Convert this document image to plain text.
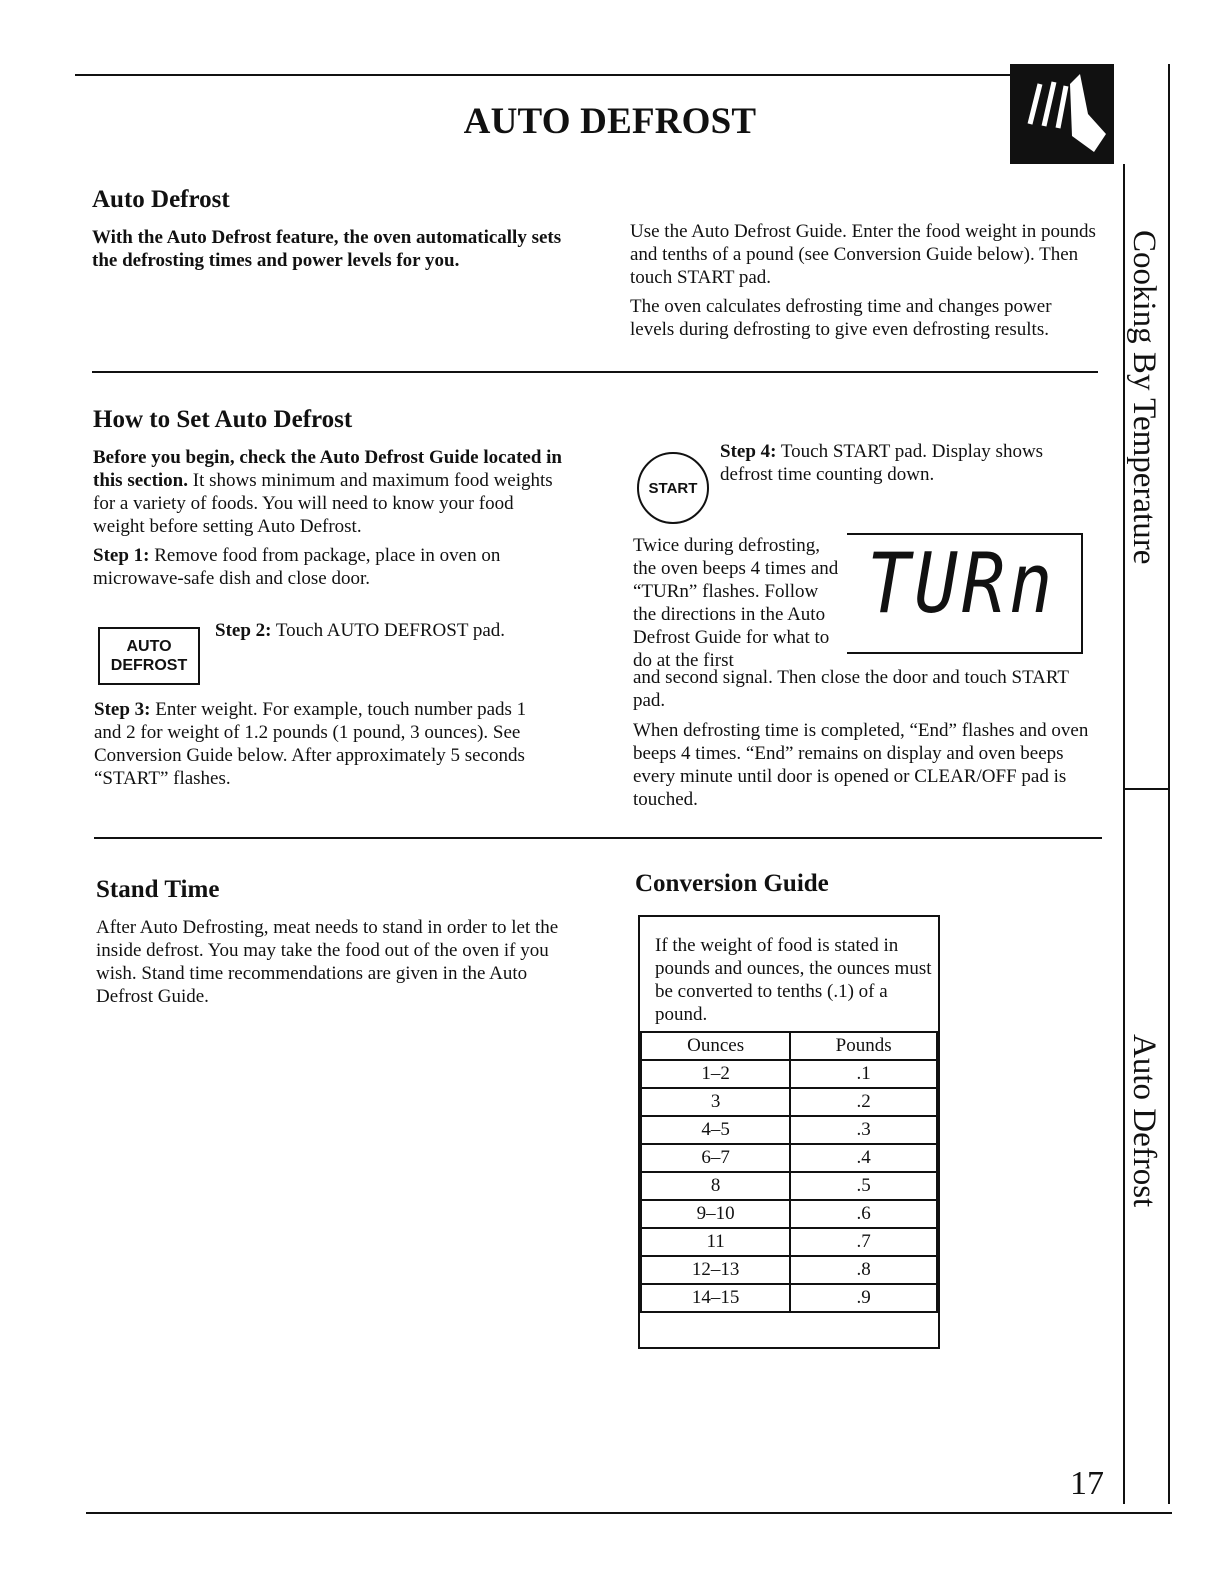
Cooking By Temperature
Auto Defrost
AUTO DEFROST
Auto Defrost

With the Auto Defrost feature, the oven automatically sets the defrosting times and power levels for you.

Use the Auto Defrost Guide. Enter the food weight in pounds and tenths of a pound (see Conversion Guide below). Then touch START pad.

The oven calculates defrosting time and changes power levels during defrosting to give even defrosting results.

How to Set Auto Defrost

Before you begin, check the Auto Defrost Guide located in this section. It shows minimum and maximum food weights for a variety of foods. You will need to know your food weight before setting Auto Defrost.

Step 1: Remove food from package, place in oven on microwave-safe dish and close door.

AUTO
DEFROST

Step 2: Touch AUTO DEFROST pad.

Step 3: Enter weight. For example, touch number pads 1 and 2 for weight of 1.2 pounds (1 pound, 3 ounces). See Conversion Guide below. After approximately 5 seconds “START” flashes.

START

Step 4: Touch START pad. Display shows defrost time counting down.

Twice during defrosting, the oven beeps 4 times and “TURn” flashes. Follow the directions in the Auto Defrost Guide for what to do at the first

TURn

and second signal. Then close the door and touch START pad.

When defrosting time is completed, “End” flashes and oven beeps 4 times. “End” remains on display and oven beeps every minute until door is opened or CLEAR/OFF pad is touched.

Stand Time

After Auto Defrosting, meat needs to stand in order to let the inside defrost. You may take the food out of the oven if you wish. Stand time recommendations are given in the Auto Defrost Guide.

Conversion Guide

If the weight of food is stated in pounds and ounces, the ounces must be converted to tenths (.1) of a pound.

Ounces	Pounds
1–2	.1
3	.2
4–5	.3
6–7	.4
8	.5
9–10	.6
11	.7
12–13	.8
14–15	.9
17
